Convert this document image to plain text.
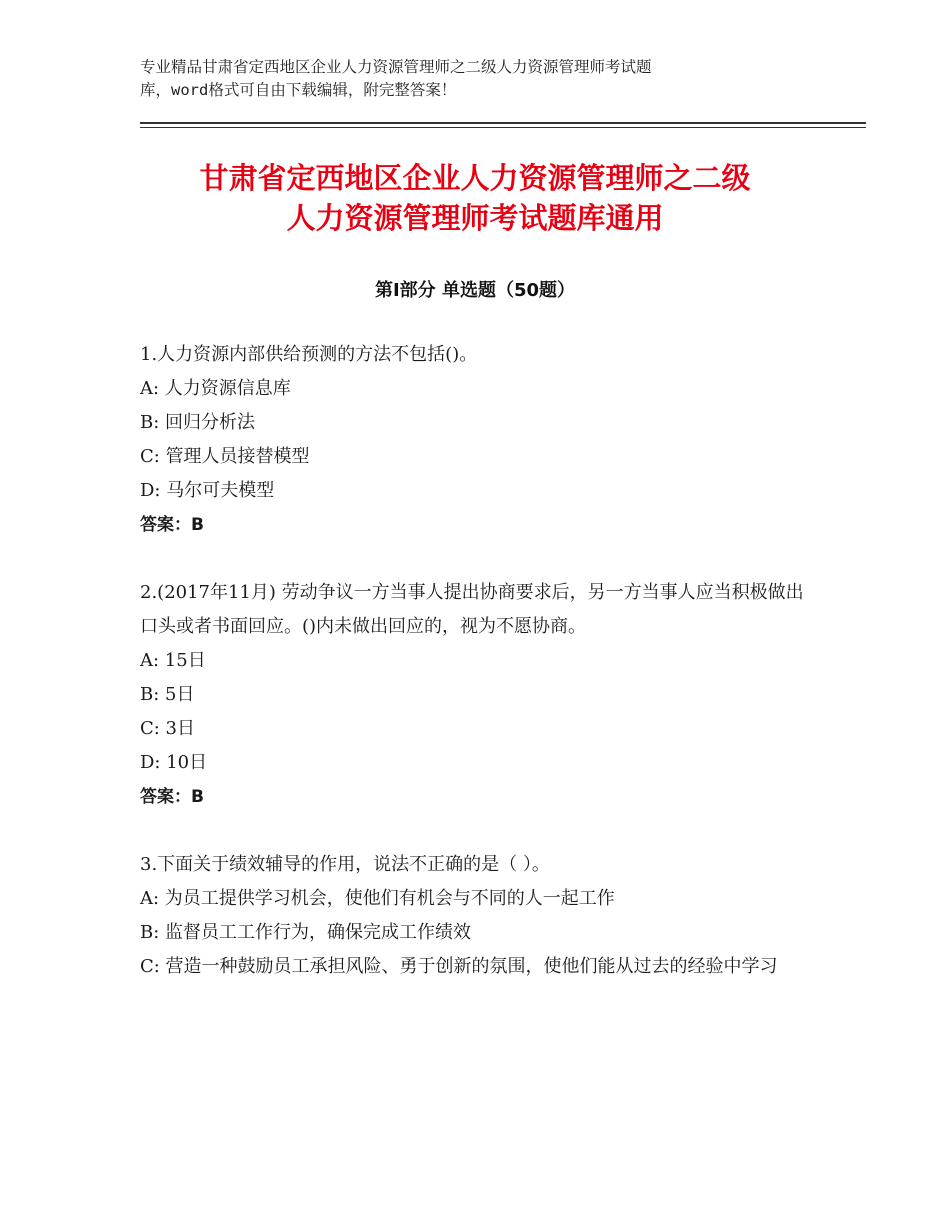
专业精品甘肃省定西地区企业人力资源管理师之二级人力资源管理师考试题
库，word格式可自由下载编辑，附完整答案！
甘肃省定西地区企业人力资源管理师之二级
人力资源管理师考试题库通用
第Ⅰ部分 单选题（50题）
1.人力资源内部供给预测的方法不包括()。
A: 人力资源信息库
B: 回归分析法
C: 管理人员接替模型
D: 马尔可夫模型
答案：B
2.(2017年11月) 劳动争议一方当事人提出协商要求后，另一方当事人应当积极做出口头或者书面回应。()内未做出回应的，视为不愿协商。
A: 15日
B: 5日
C: 3日
D: 10日
答案：B
3.下面关于绩效辅导的作用，说法不正确的是（ ）。
A: 为员工提供学习机会，使他们有机会与不同的人一起工作
B: 监督员工工作行为，确保完成工作绩效
C: 营造一种鼓励员工承担风险、勇于创新的氛围，使他们能从过去的经验中学习
